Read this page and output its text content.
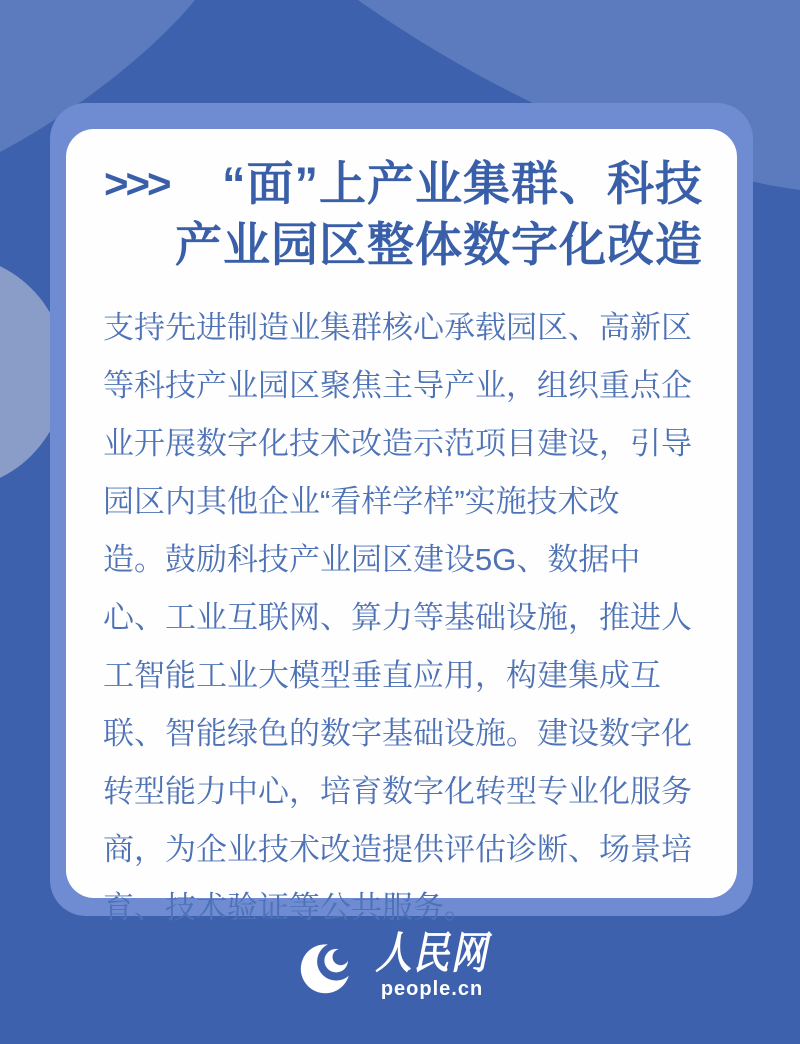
>>>	“面”上产业集群、科技
产业园区整体数字化改造
支持先进制造业集群核心承载园区、高新区
等科技产业园区聚焦主导产业，组织重点企
业开展数字化技术改造示范项目建设，引导
园区内其他企业“看样学样”实施技术改
造。鼓励科技产业园区建设5G、数据中
心、工业互联网、算力等基础设施，推进人
工智能工业大模型垂直应用，构建集成互
联、智能绿色的数字基础设施。建设数字化
转型能力中心，培育数字化转型专业化服务
商，为企业技术改造提供评估诊断、场景培
育、技术验证等公共服务。
人民网
people.cn
